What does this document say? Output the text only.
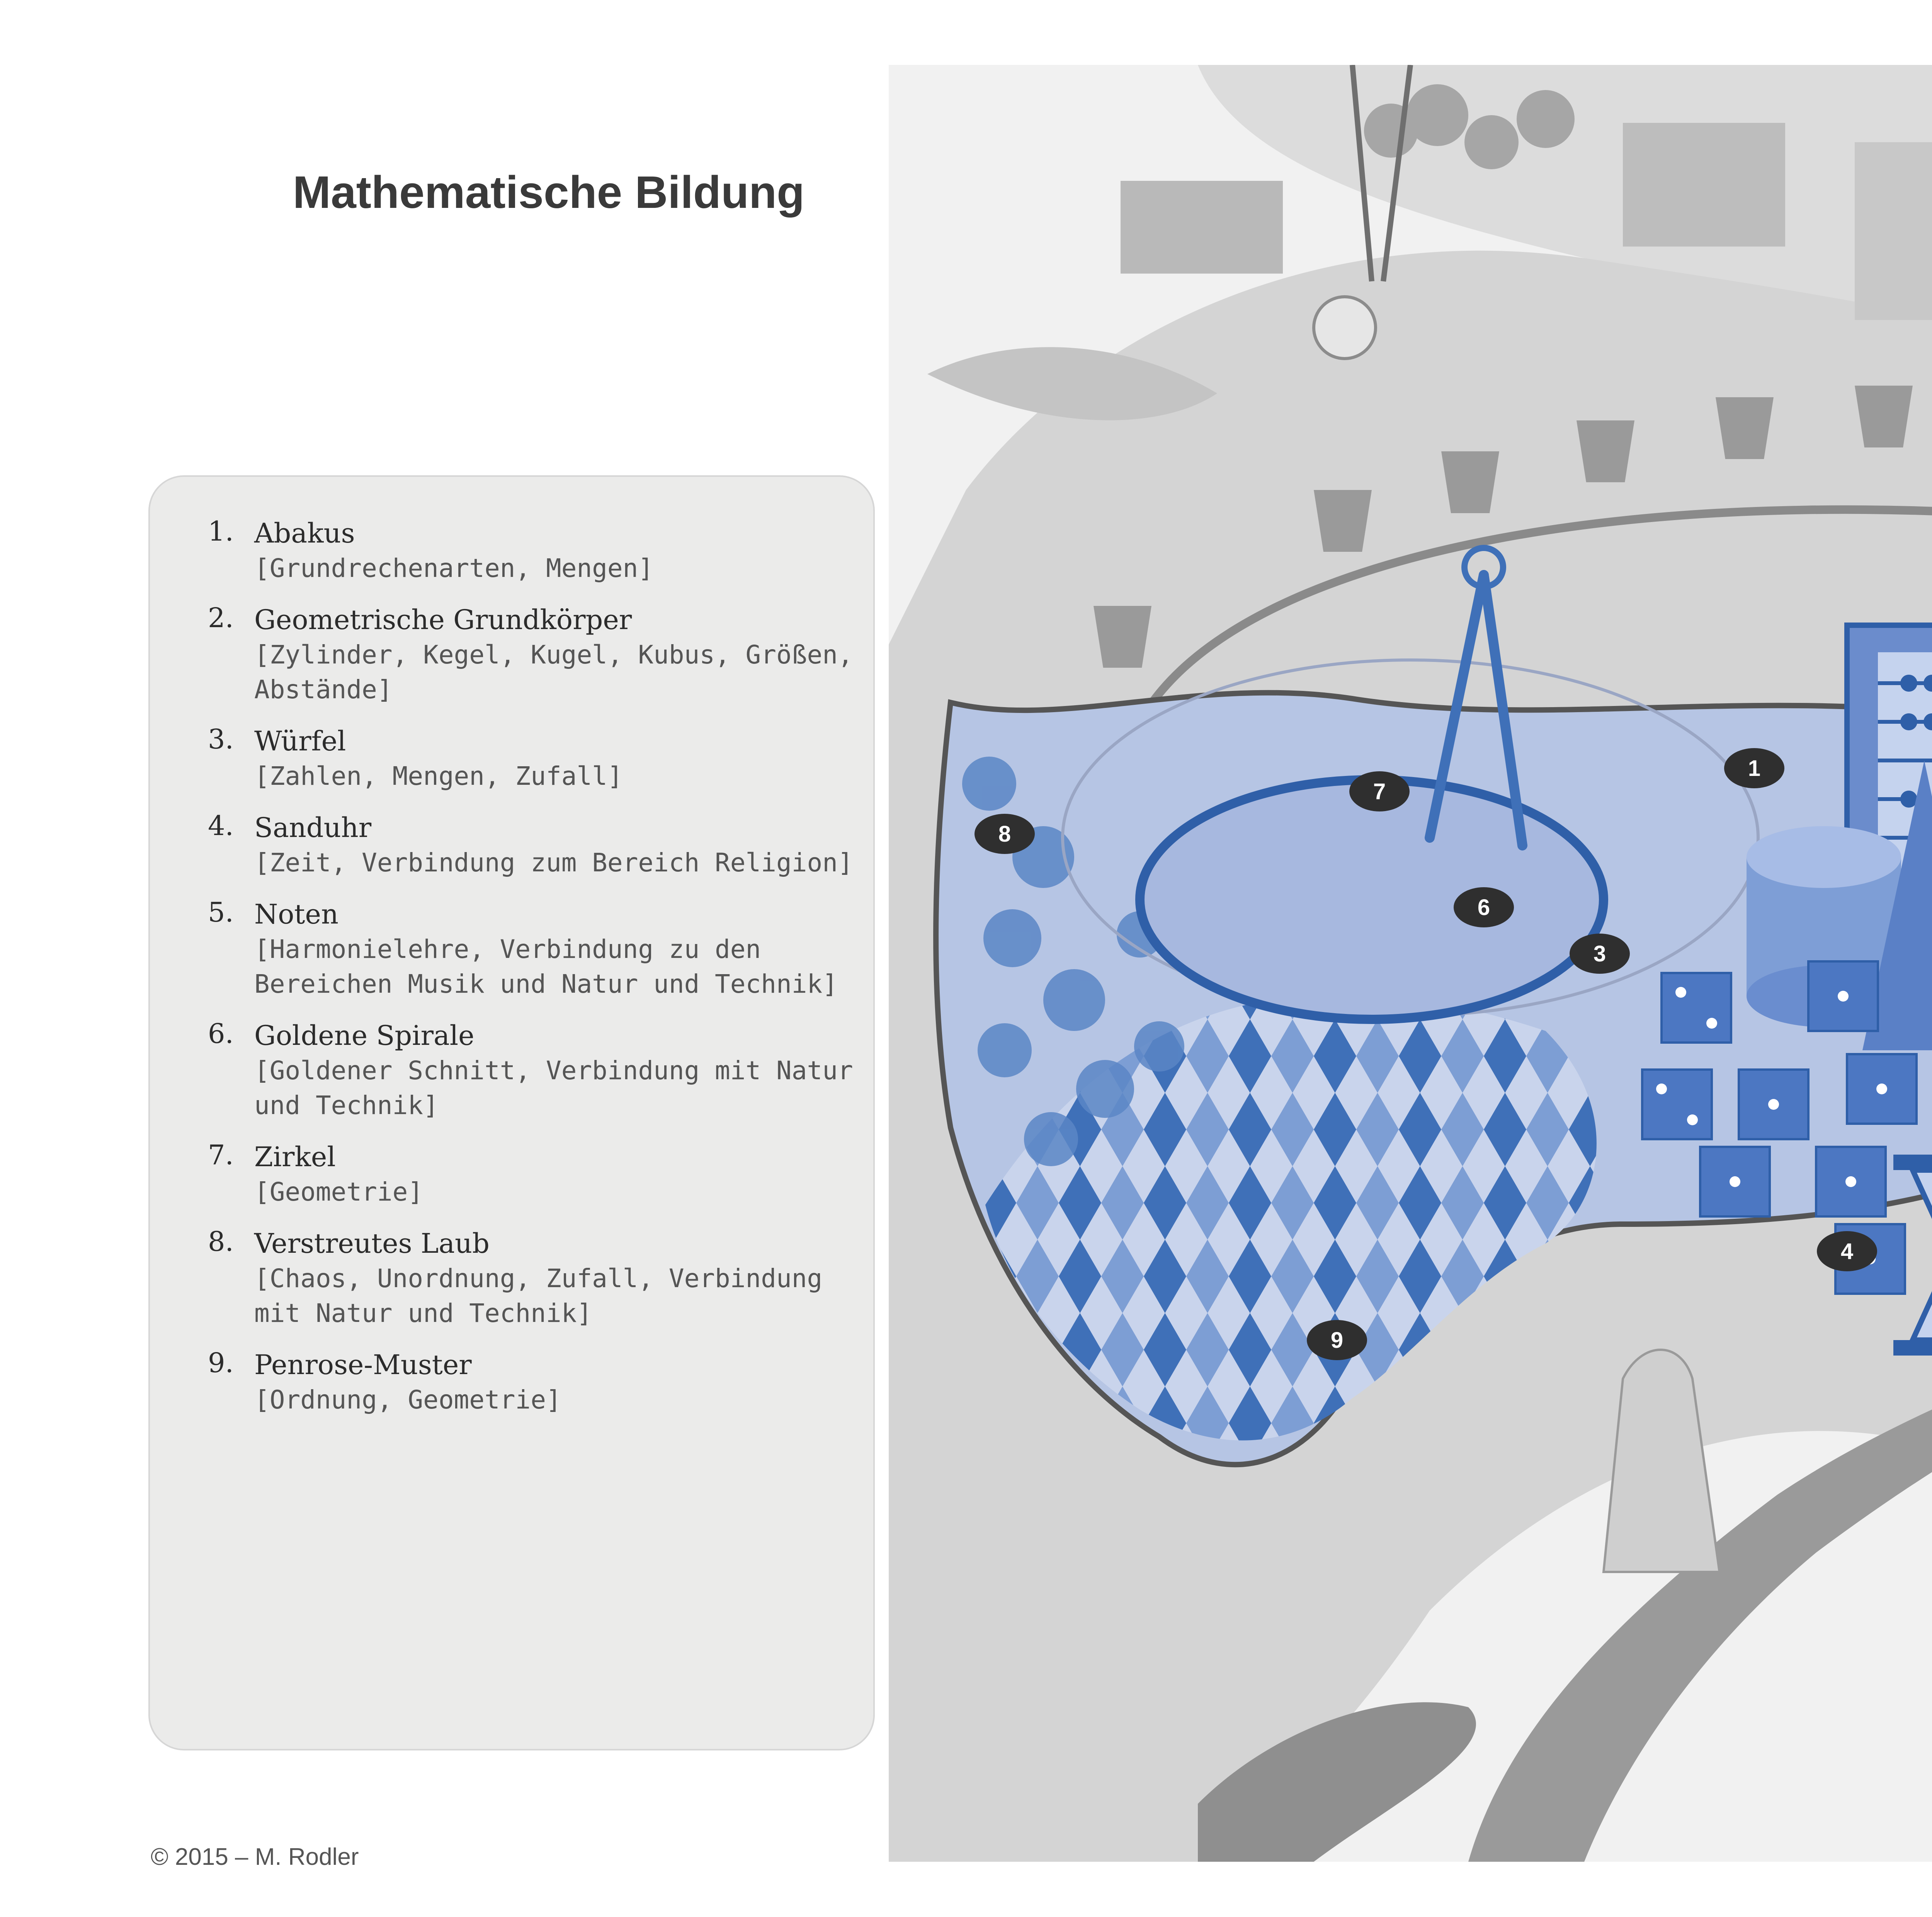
Mathematische Bildung
1. Abakus
[Grundrechenarten, Mengen]
2. Geometrische Grundkörper
[Zylinder, Kegel, Kugel, Kubus, Größen, Abstände]
3. Würfel
[Zahlen, Mengen, Zufall]
4. Sanduhr
[Zeit, Verbindung zum Bereich Religion]
5. Noten
[Harmonielehre, Verbindung zu den Bereichen Musik und Natur und Technik]
6. Goldene Spirale
[Goldener Schnitt, Verbindung mit Natur und Technik]
7. Zirkel
[Geometrie]
8. Verstreutes Laub
[Chaos, Unordnung, Zufall, Verbindung mit Natur und Technik]
9. Penrose-Muster
[Ordnung, Geometrie]
© 2015 – M. Rodler
1
3
4
6
7
8
9
